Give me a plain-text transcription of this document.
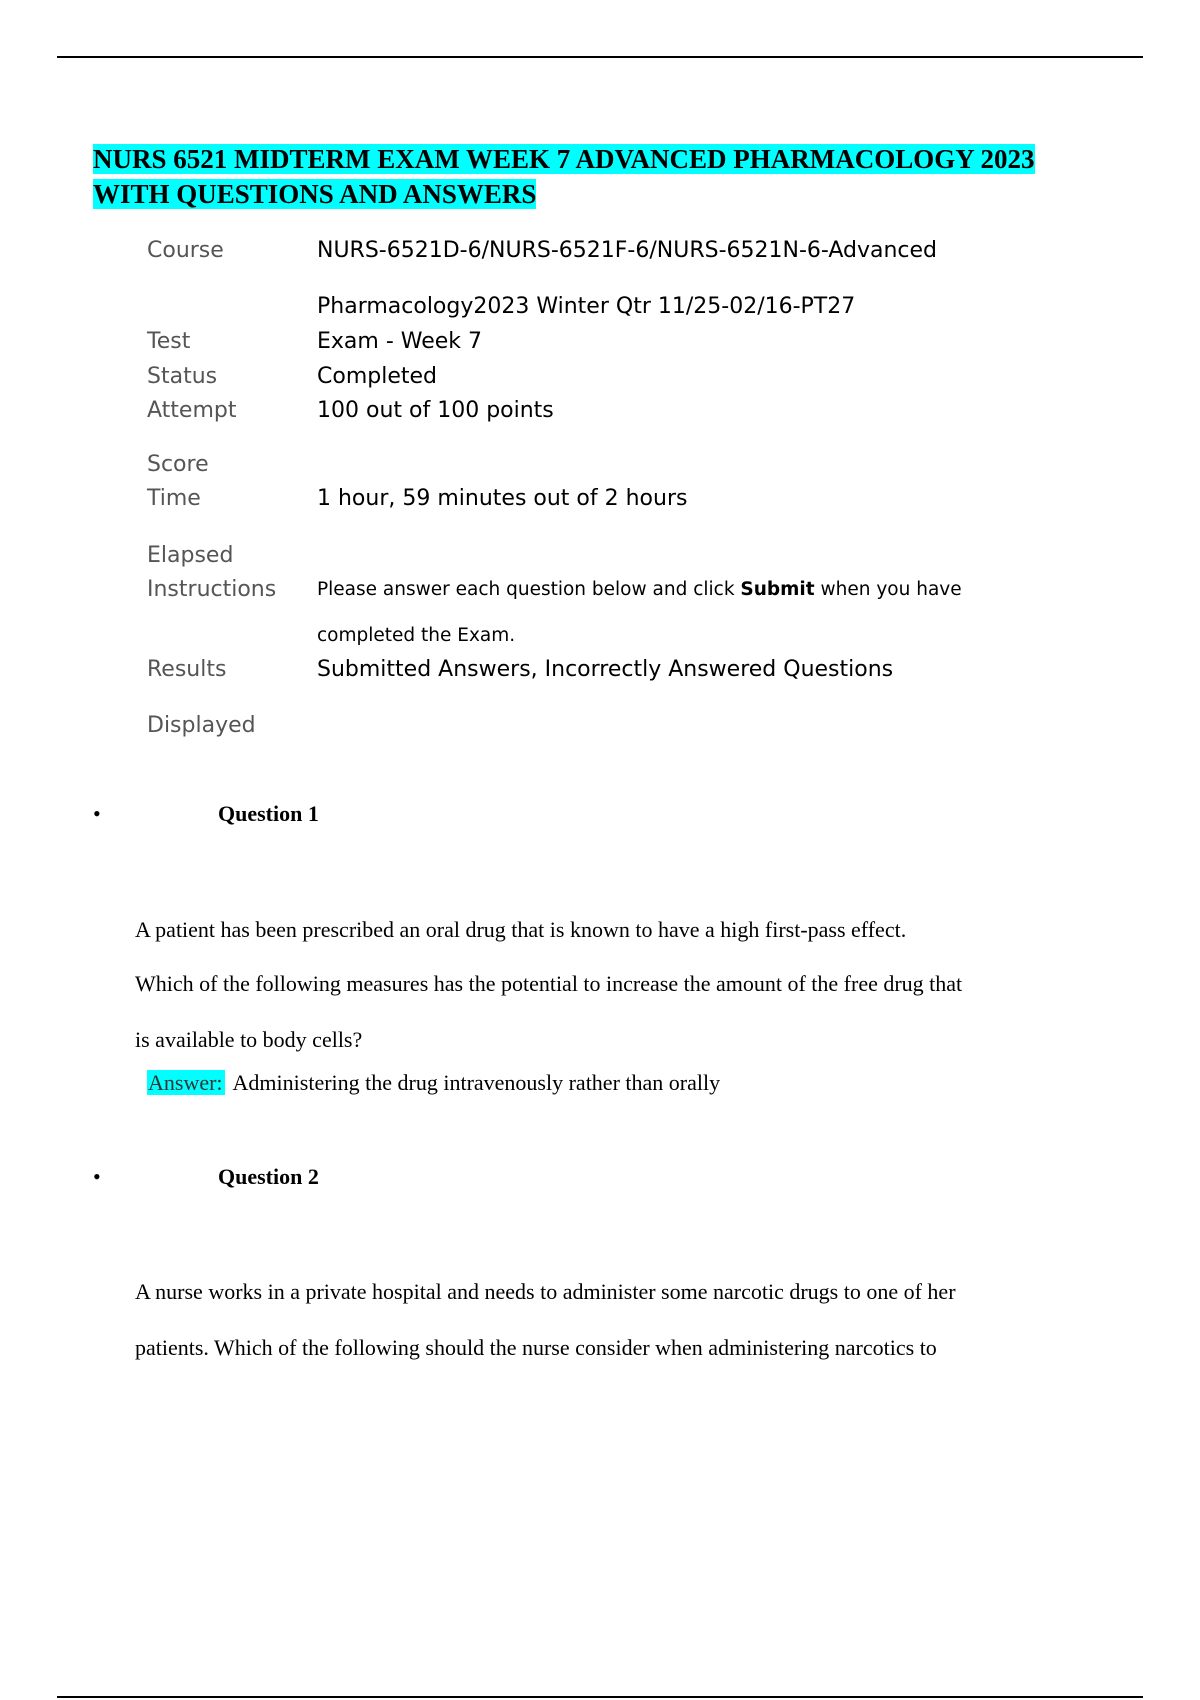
NURS 6521 MIDTERM EXAM WEEK 7 ADVANCED PHARMACOLOGY 2023
WITH QUESTIONS AND ANSWERS
Course	NURS-6521D-6/NURS-6521F-6/NURS-6521N-6-Advanced
Pharmacology2023 Winter Qtr 11/25-02/16-PT27
Test	Exam - Week 7
Status	Completed
Attempt	100 out of 100 points
Score
Time	1 hour, 59 minutes out of 2 hours
Elapsed
Instructions Please answer each question below and click Submit when you have
completed the Exam.
Results	Submitted Answers, Incorrectly Answered Questions
Displayed
•	Question 1
A patient has been prescribed an oral drug that is known to have a high first-pass effect.
Which of the following measures has the potential to increase the amount of the free drug that
is available to body cells?
Answer: Administering the drug intravenously rather than orally
•	Question 2
A nurse works in a private hospital and needs to administer some narcotic drugs to one of her
patients. Which of the following should the nurse consider when administering narcotics to
